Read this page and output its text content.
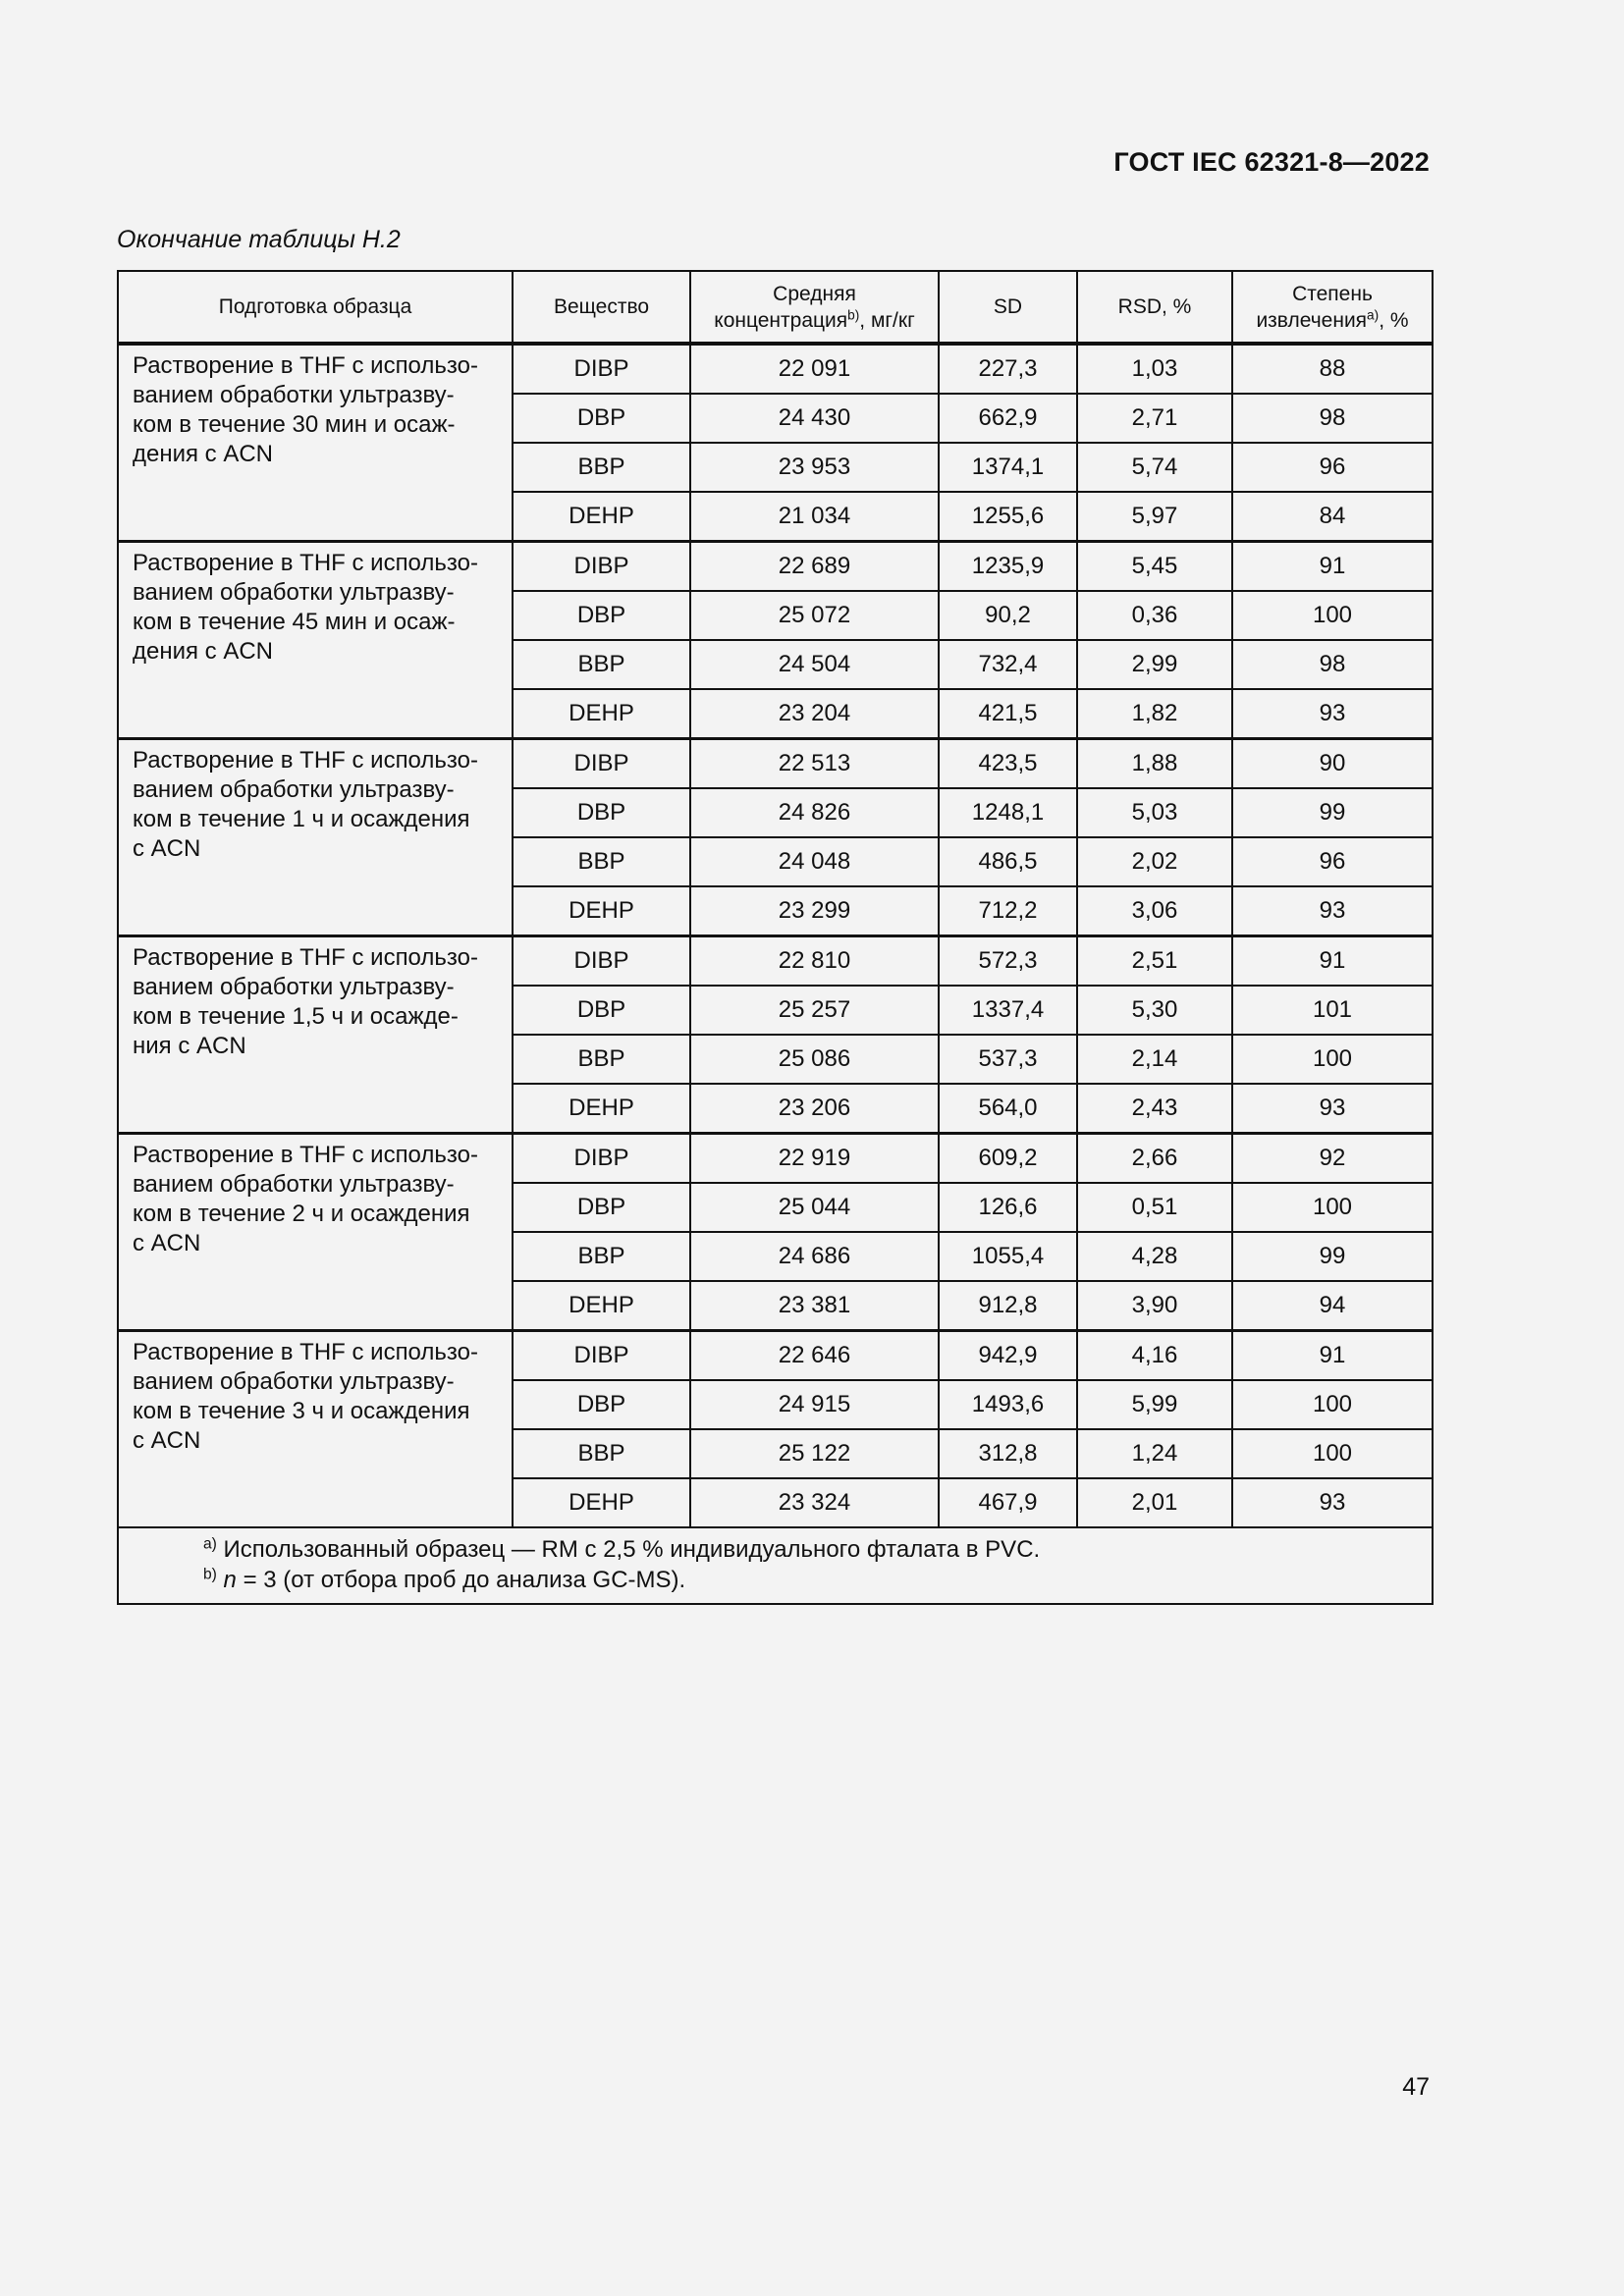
ГОСТ IEC 62321-8—2022
Окончание таблицы Н.2
Подготовка образца	Вещество	Средняя
концентрация$^{b)}$, мг/кг	SD	RSD, %	Степень
извлечения$^{a)}$, %
Растворение в THF с использо-
ванием обработки ультразву-
ком в течение 30 мин и осаж-
дения с ACN	DIBP	22 091	227,3	1,03	88
	DBP	24 430	662,9	2,71	98
	BBP	23 953	1374,1	5,74	96
	DEHP	21 034	1255,6	5,97	84
Растворение в THF с использо-
ванием обработки ультразву-
ком в течение 45 мин и осаж-
дения с ACN	DIBP	22 689	1235,9	5,45	91
	DBP	25 072	90,2	0,36	100
	BBP	24 504	732,4	2,99	98
	DEHP	23 204	421,5	1,82	93
Растворение в THF с использо-
ванием обработки ультразву-
ком в течение 1 ч и осаждения
с ACN	DIBP	22 513	423,5	1,88	90
	DBP	24 826	1248,1	5,03	99
	BBP	24 048	486,5	2,02	96
	DEHP	23 299	712,2	3,06	93
Растворение в THF с использо-
ванием обработки ультразву-
ком в течение 1,5 ч и осажде-
ния с ACN	DIBP	22 810	572,3	2,51	91
	DBP	25 257	1337,4	5,30	101
	BBP	25 086	537,3	2,14	100
	DEHP	23 206	564,0	2,43	93
Растворение в THF с использо-
ванием обработки ультразву-
ком в течение 2 ч и осаждения
с ACN	DIBP	22 919	609,2	2,66	92
	DBP	25 044	126,6	0,51	100
	BBP	24 686	1055,4	4,28	99
	DEHP	23 381	912,8	3,90	94
Растворение в THF с использо-
ванием обработки ультразву-
ком в течение 3 ч и осаждения
с ACN	DIBP	22 646	942,9	4,16	91
	DBP	24 915	1493,6	5,99	100
	BBP	25 122	312,8	1,24	100
	DEHP	23 324	467,9	2,01	93

$^{a)}$ Использованный образец — RM с 2,5 % индивидуального фталата в PVC.
$^{b)}$ n = 3 (от отбора проб до анализа GC-MS).					
47
